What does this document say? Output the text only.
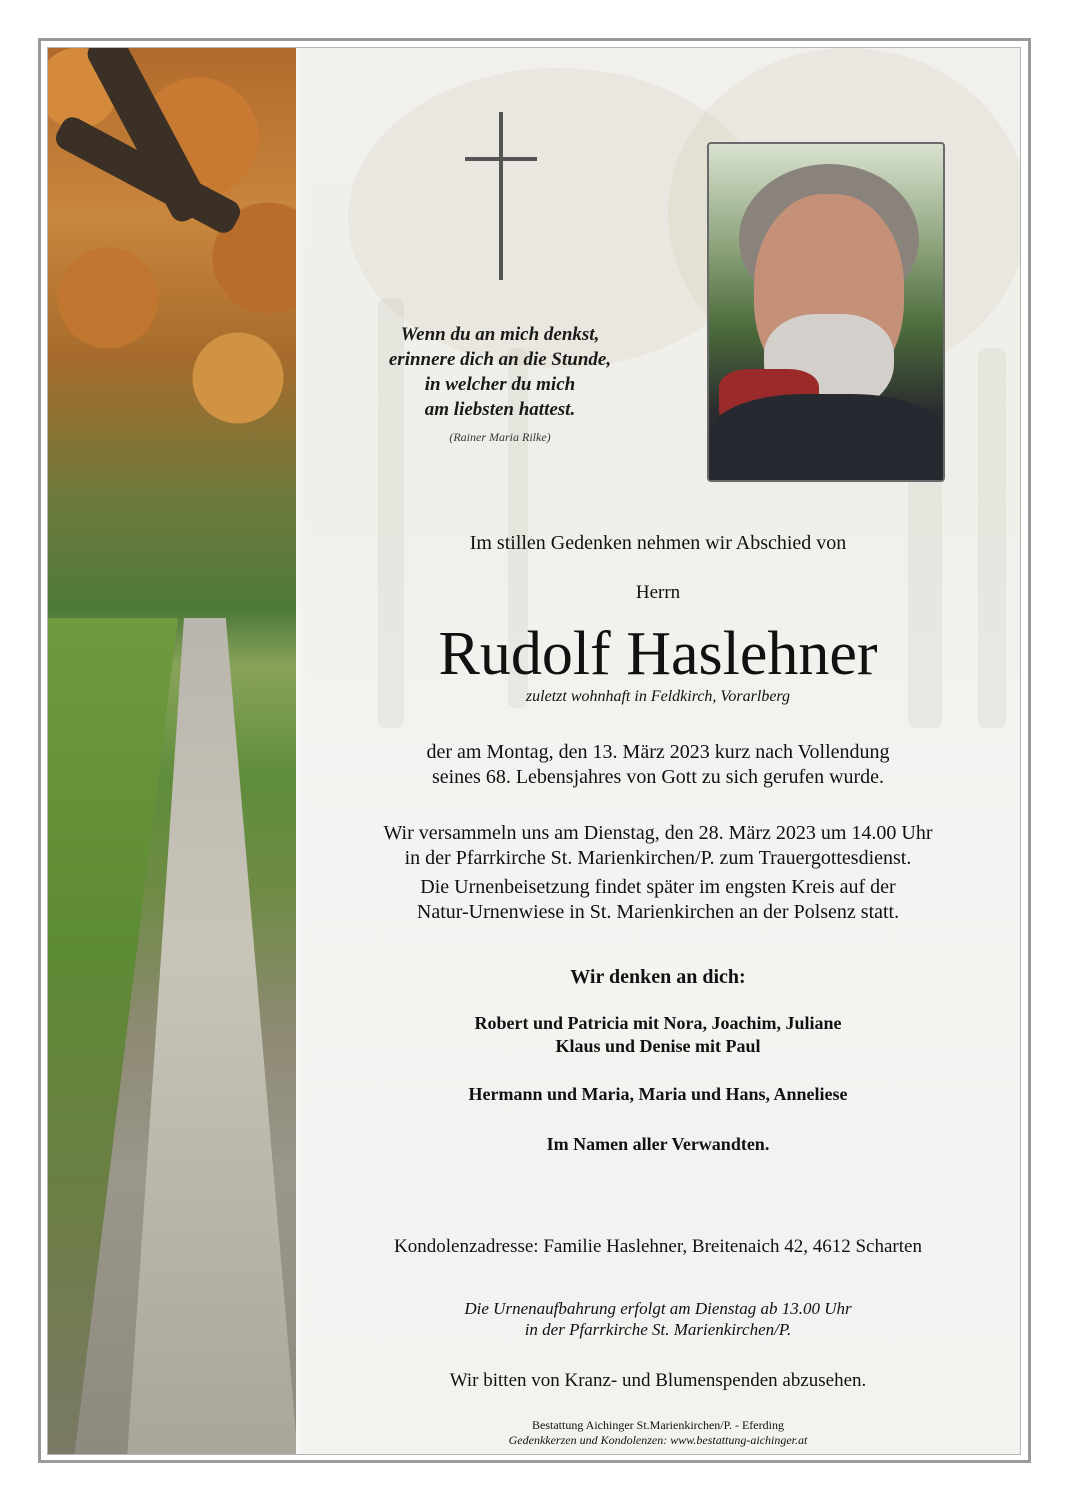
Wenn du an mich denkst,
erinnere dich an die Stunde,
in welcher du mich
am liebsten hattest.
(Rainer Maria Rilke)
Im stillen Gedenken nehmen wir Abschied von
Herrn
Rudolf Haslehner
zuletzt wohnhaft in Feldkirch, Vorarlberg
der am Montag, den 13. März 2023 kurz nach Vollendung
seines 68. Lebensjahres von Gott zu sich gerufen wurde.
Wir versammeln uns am Dienstag, den 28. März 2023 um 14.00 Uhr
in der Pfarrkirche St. Marienkirchen/P. zum Trauergottesdienst.
Die Urnenbeisetzung findet später im engsten Kreis auf der
Natur-Urnenwiese in St. Marienkirchen an der Polsenz statt.
Wir denken an dich:
Robert und Patricia mit Nora, Joachim, Juliane
Klaus und Denise mit Paul
Hermann und Maria, Maria und Hans, Anneliese
Im Namen aller Verwandten.
Kondolenzadresse: Familie Haslehner, Breitenaich 42, 4612 Scharten
Die Urnenaufbahrung erfolgt am Dienstag ab 13.00 Uhr
in der Pfarrkirche St. Marienkirchen/P.
Wir bitten von Kranz- und Blumenspenden abzusehen.
Bestattung Aichinger St.Marienkirchen/P. - Eferding
Gedenkkerzen und Kondolenzen: www.bestattung-aichinger.at
